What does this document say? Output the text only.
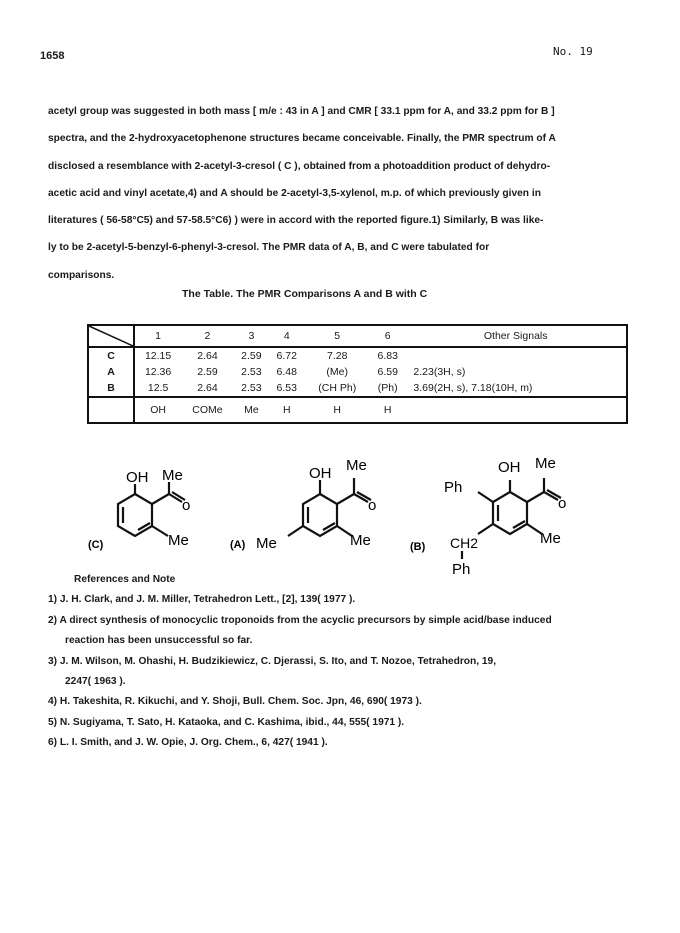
1658	No. 19
acetyl group was suggested in both mass [ m/e : 43 in A ] and CMR [ 33.1 ppm for A, and 33.2 ppm for B ]
spectra, and the 2-hydroxyacetophenone structures became conceivable. Finally, the PMR spectrum of A
disclosed a resemblance with 2-acetyl-3-cresol ( C ), obtained from a photoaddition product of dehydro-
acetic acid and vinyl acetate,4) and A should be 2-acetyl-3,5-xylenol, m.p. of which previously given in
literatures ( 56-58°C5) and 57-58.5°C6) ) were in accord with the reported figure.1) Similarly, B was like-
ly to be 2-acetyl-5-benzyl-6-phenyl-3-cresol. The PMR data of A, B, and C were tabulated for
comparisons.
The Table. The PMR Comparisons A and B with C
	1	2	3	4	5	6	Other Signals
C	12.15	2.64	2.59	6.72	7.28	6.83	
A	12.36	2.59	2.53	6.48	(Me)	6.59	2.23(3H, s)
B	12.5	2.64	2.53	6.53	(CH Ph)	(Ph)	3.69(2H, s), 7.18(10H, m)
	OH	COMe	Me	H	H	H	
OH Me
o
Me
(C)
OH Me
o
Me
Me
(A)
OH Me
o
Me
Ph
CH2
Ph
(B)
References and Note
1) J. H. Clark, and J. M. Miller, Tetrahedron Lett., [2], 139( 1977 ).
2) A direct synthesis of monocyclic troponoids from the acyclic precursors by simple acid/base induced
reaction has been unsuccessful so far.
3) J. M. Wilson, M. Ohashi, H. Budzikiewicz, C. Djerassi, S. Ito, and T. Nozoe, Tetrahedron, 19,
2247( 1963 ).
4) H. Takeshita, R. Kikuchi, and Y. Shoji, Bull. Chem. Soc. Jpn, 46, 690( 1973 ).
5) N. Sugiyama, T. Sato, H. Kataoka, and C. Kashima, ibid., 44, 555( 1971 ).
6) L. I. Smith, and J. W. Opie, J. Org. Chem., 6, 427( 1941 ).
